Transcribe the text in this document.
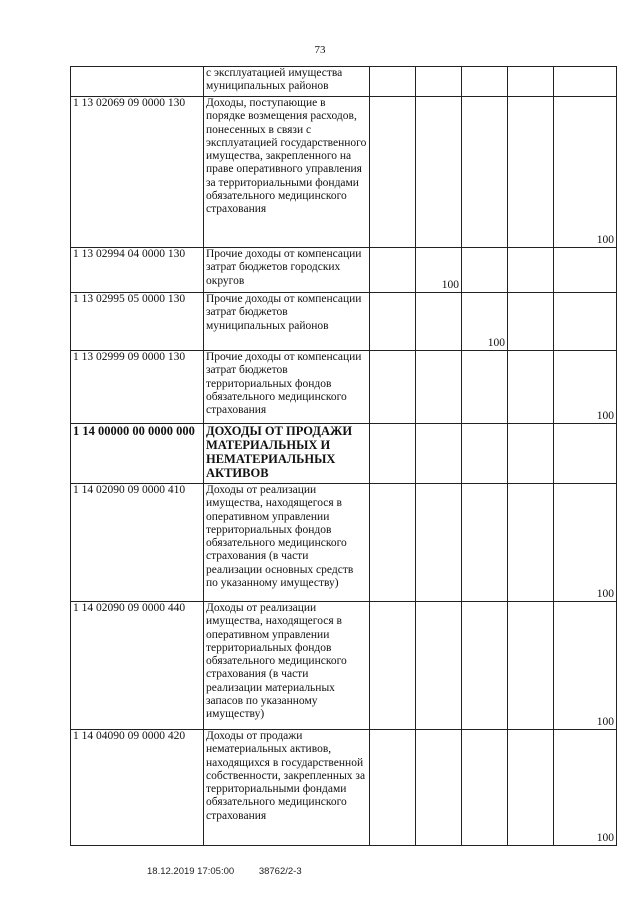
73
	с эксплуатацией имущества муниципальных районов					
1 13 02069 09 0000 130	Доходы, поступающие в порядке возмещения расходов, понесенных в связи с эксплуатацией государственного имущества, закрепленного на праве оперативного управления за территориальными фондами обязательного медицинского страхования					100
1 13 02994 04 0000 130	Прочие доходы от компенсации затрат бюджетов городских округов		100			
1 13 02995 05 0000 130	Прочие доходы от компенсации затрат бюджетов муниципальных районов			100		
1 13 02999 09 0000 130	Прочие доходы от компенсации затрат бюджетов территориальных фондов обязательного медицинского страхования					100
1 14 00000 00 0000 000	ДОХОДЫ ОТ ПРОДАЖИ МАТЕРИАЛЬНЫХ И НЕМАТЕРИАЛЬНЫХ АКТИВОВ					
1 14 02090 09 0000 410	Доходы от реализации имущества, находящегося в оперативном управлении территориальных фондов обязательного медицинского страхования (в части реализации основных средств по указанному имуществу)					100
1 14 02090 09 0000 440	Доходы от реализации имущества, находящегося в оперативном управлении территориальных фондов обязательного медицинского страхования (в части реализации материальных запасов по указанному имуществу)					100
1 14 04090 09 0000 420	Доходы от продажи нематериальных активов, находящихся в государственной собственности, закрепленных за территориальными фондами обязательного медицинского страхования					100
18.12.2019 17:05:00	38762/2-3
